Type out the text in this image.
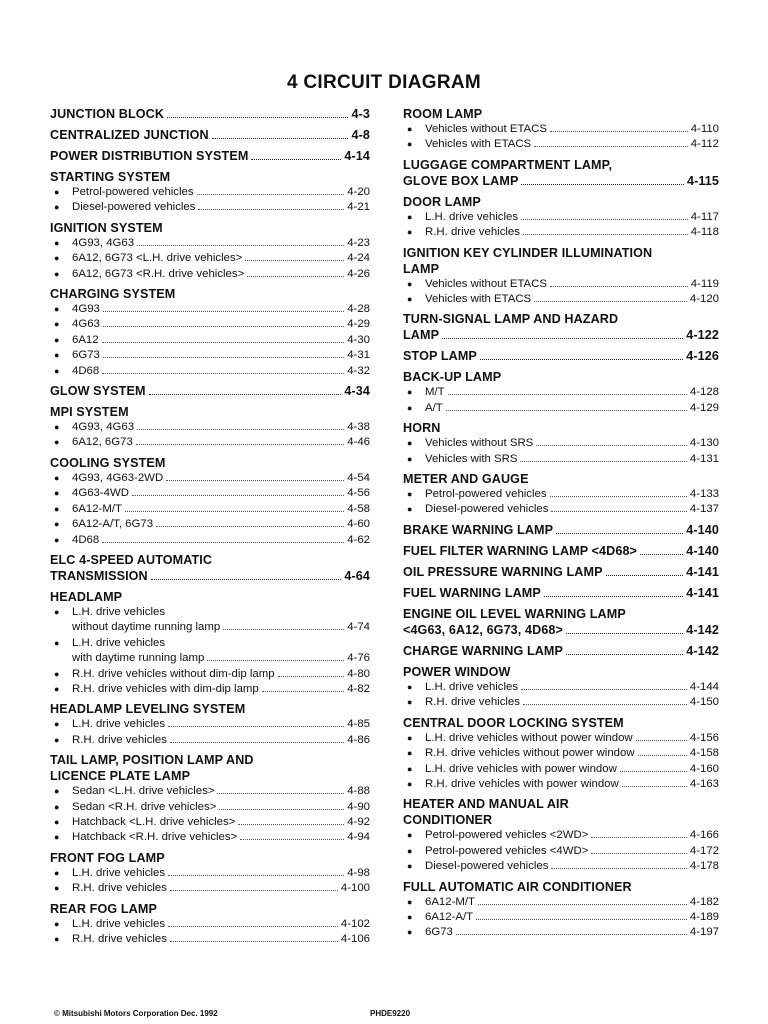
4 CIRCUIT DIAGRAM
JUNCTION BLOCK	4-3
CENTRALIZED JUNCTION	4-8
POWER DISTRIBUTION SYSTEM	4-14
STARTING SYSTEM
●	Petrol-powered vehicles	4-20
●	Diesel-powered vehicles	4-21
IGNITION SYSTEM
●	4G93, 4G63	4-23
●	6A12, 6G73 <L.H. drive vehicles>	4-24
●	6A12, 6G73 <R.H. drive vehicles>	4-26
CHARGING SYSTEM
●	4G93	4-28
●	4G63	4-29
●	6A12	4-30
●	6G73	4-31
●	4D68	4-32
GLOW SYSTEM	4-34
MPI SYSTEM
●	4G93, 4G63	4-38
●	6A12, 6G73	4-46
COOLING SYSTEM
●	4G93, 4G63-2WD	4-54
●	4G63-4WD	4-56
●	6A12-M/T	4-58
●	6A12-A/T, 6G73	4-60
●	4D68	4-62
ELC 4-SPEED AUTOMATIC
TRANSMISSION	4-64
HEADLAMP
●	L.H. drive vehicles
without daytime running lamp	4-74
●	L.H. drive vehicles
with daytime running lamp	4-76
●	R.H. drive vehicles without dim-dip lamp	4-80
●	R.H. drive vehicles with dim-dip lamp	4-82
HEADLAMP LEVELING SYSTEM
●	L.H. drive vehicles	4-85
●	R.H. drive vehicles	4-86
TAIL LAMP, POSITION LAMP AND
LICENCE PLATE LAMP
●	Sedan <L.H. drive vehicles>	4-88
●	Sedan <R.H. drive vehicles>	4-90
●	Hatchback <L.H. drive vehicles>	4-92
●	Hatchback <R.H. drive vehicles>	4-94
FRONT FOG LAMP
●	L.H. drive vehicles	4-98
●	R.H. drive vehicles	4-100
REAR FOG LAMP
●	L.H. drive vehicles	4-102
●	R.H. drive vehicles	4-106
ROOM LAMP
●	Vehicles without ETACS	4-110
●	Vehicles with ETACS	4-112
LUGGAGE COMPARTMENT LAMP,
GLOVE BOX LAMP	4-115
DOOR LAMP
●	L.H. drive vehicles	4-117
●	R.H. drive vehicles	4-118
IGNITION KEY CYLINDER ILLUMINATION
LAMP
●	Vehicles without ETACS	4-119
●	Vehicles with ETACS	4-120
TURN-SIGNAL LAMP AND HAZARD
LAMP	4-122
STOP LAMP	4-126
BACK-UP LAMP
●	M/T	4-128
●	A/T	4-129
HORN
●	Vehicles without SRS	4-130
●	Vehicles with SRS	4-131
METER AND GAUGE
●	Petrol-powered vehicles	4-133
●	Diesel-powered vehicles	4-137
BRAKE WARNING LAMP	4-140
FUEL FILTER WARNING LAMP <4D68>	4-140
OIL PRESSURE WARNING LAMP	4-141
FUEL WARNING LAMP	4-141
ENGINE OIL LEVEL WARNING LAMP
<4G63, 6A12, 6G73, 4D68>	4-142
CHARGE WARNING LAMP	4-142
POWER WINDOW
●	L.H. drive vehicles	4-144
●	R.H. drive vehicles	4-150
CENTRAL DOOR LOCKING SYSTEM
●	L.H. drive vehicles without power window	4-156
●	R.H. drive vehicles without power window	4-158
●	L.H. drive vehicles with power window	4-160
●	R.H. drive vehicles with power window	4-163
HEATER AND MANUAL AIR
CONDITIONER
●	Petrol-powered vehicles <2WD>	4-166
●	Petrol-powered vehicles <4WD>	4-172
●	Diesel-powered vehicles	4-178
FULL AUTOMATIC AIR CONDITIONER
●	6A12-M/T	4-182
●	6A12-A/T	4-189
●	6G73	4-197
© Mitsubishi Motors Corporation Dec. 1992	PHDE9220
